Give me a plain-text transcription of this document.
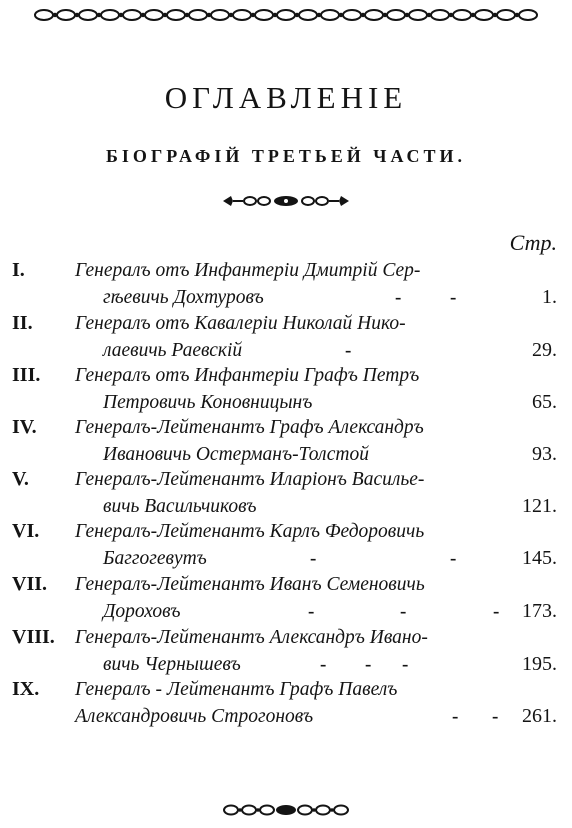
ОГЛАВЛЕНIЕ
БIОГРАФIЙ ТРЕТЬЕЙ ЧАСТИ.
Стр.
I.	Генералъ отъ Инфантерiи Дмитрiй Сер-
гѣевичь Дохтуровъ	-	-	1.
II. Генералъ отъ Кавалерiи Николай Нико-
лаевичь Раевскiй	-	29.
III. Генералъ отъ Инфантерiи Графъ Петръ
Петровичь Коновницынъ	65.
IV. Генералъ-Лейтенантъ Графъ Александръ
Ивановичь Остерманъ-Толстой	93.
V. Генералъ-Лейтенантъ Иларiонъ Василье-
вичь Васильчиковъ	121.
VI. Генералъ-Лейтенантъ Карлъ Федоровичь
Баггогевутъ	-	-	145.
VII. Генералъ-Лейтенантъ Иванъ Семеновичь
Дороховъ	-	-	- 173.
VIII. Генералъ-Лейтенантъ Александръ Ивано-
вичь Чернышевъ	- - -	195.
IX. Генералъ - Лейтенантъ Графъ Павелъ
Александровичь Строгоновъ	- - 261.
